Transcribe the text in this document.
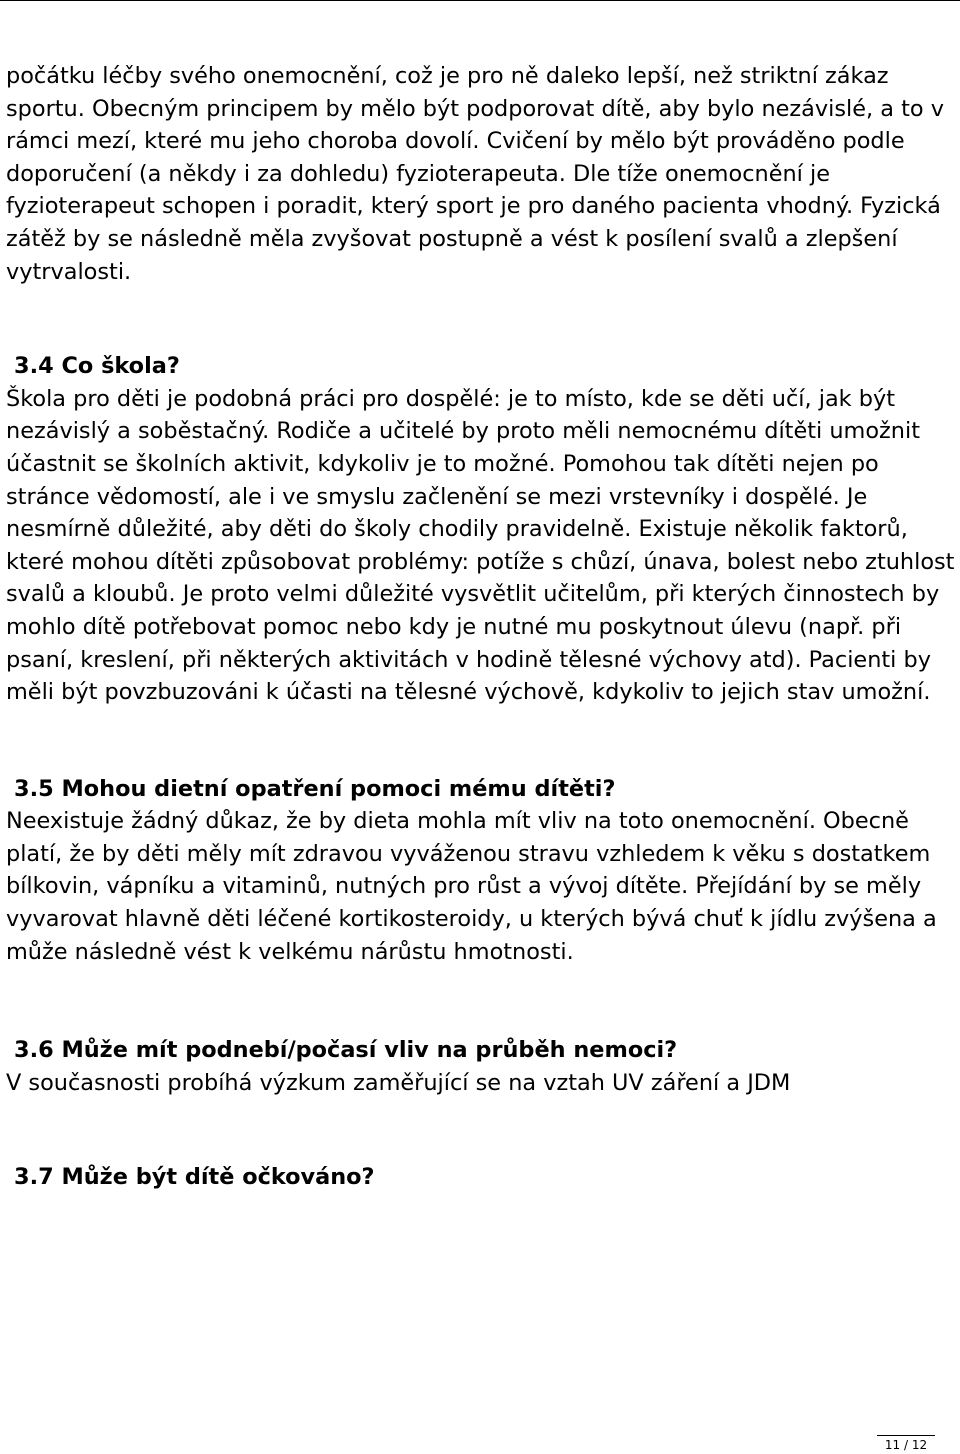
počátku léčby svého onemocnění, což je pro ně daleko lepší, než striktní zákaz sportu. Obecným principem by mělo být podporovat dítě, aby bylo nezávislé, a to v rámci mezí, které mu jeho choroba dovolí. Cvičení by mělo být prováděno podle doporučení (a někdy i za dohledu) fyzioterapeuta. Dle tíže onemocnění je fyzioterapeut schopen i poradit, který sport je pro daného pacienta vhodný. Fyzická zátěž by se následně měla zvyšovat postupně a vést k posílení svalů a zlepšení vytrvalosti.

3.4 Co škola?

Škola pro děti je podobná práci pro dospělé: je to místo, kde se děti učí, jak být nezávislý a soběstačný. Rodiče a učitelé by proto měli nemocnému dítěti umožnit účastnit se školních aktivit, kdykoliv je to možné. Pomohou tak dítěti nejen po stránce vědomostí, ale i ve smyslu začlenění se mezi vrstevníky i dospělé. Je nesmírně důležité, aby děti do školy chodily pravidelně. Existuje několik faktorů, které mohou dítěti způsobovat problémy: potíže s chůzí, únava, bolest nebo ztuhlost svalů a kloubů. Je proto velmi důležité vysvětlit učitelům, při kterých činnostech by mohlo dítě potřebovat pomoc nebo kdy je nutné mu poskytnout úlevu (např. při psaní, kreslení, při některých aktivitách v hodině tělesné výchovy atd). Pacienti by měli být povzbuzováni k účasti na tělesné výchově, kdykoliv to jejich stav umožní.

3.5 Mohou dietní opatření pomoci mému dítěti?

Neexistuje žádný důkaz, že by dieta mohla mít vliv na toto onemocnění. Obecně platí, že by děti měly mít zdravou vyváženou stravu vzhledem k věku s dostatkem bílkovin, vápníku a vitaminů, nutných pro růst a vývoj dítěte. Přejídání by se měly vyvarovat hlavně děti léčené kortikosteroidy, u kterých bývá chuť k jídlu zvýšena a může následně vést k velkému nárůstu hmotnosti.

3.6 Může mít podnebí/počasí vliv na průběh nemoci?

V současnosti probíhá výzkum zaměřující se na vztah UV záření a JDM

3.7 Může být dítě očkováno?
11 / 12
